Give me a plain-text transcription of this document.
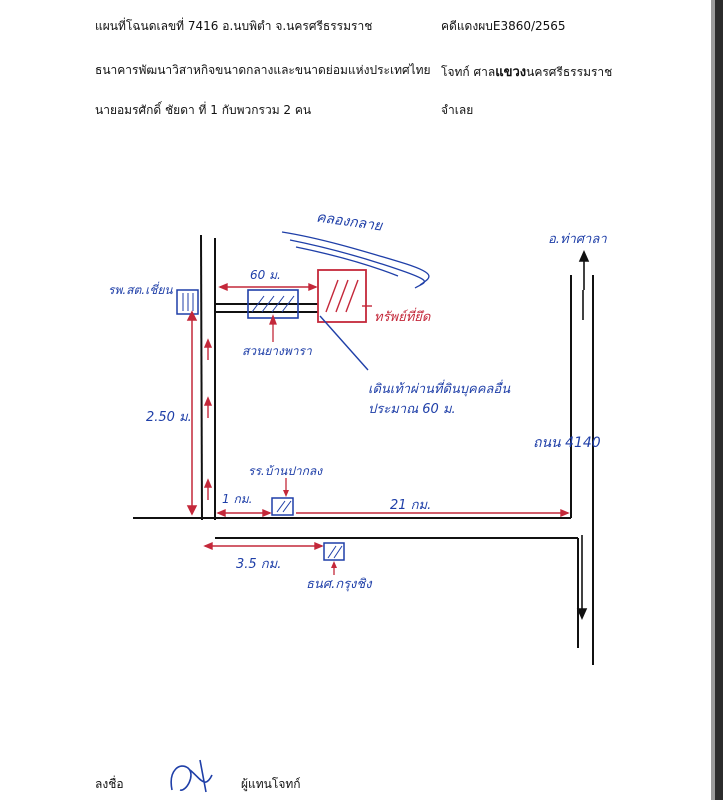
แผนที่โฉนดเลขที่ 7416 อ.นบพิตำ จ.นครศรีธรรมราช	คดีแดงผบE3860/2565
ธนาคารพัฒนาวิสาหกิจขนาดกลางและขนาดย่อมแห่งประเทศไทย โจทก์ ศาลแขวงนครศรีธรรมราช
นายอมรศักดิ์ ชัยดา ที่ 1 กับพวกรวม 2 คน	จำเลย
คลองกลาย
อ.ท่าศาลา
รพ.สต.เชี่ยน
60 ม.
สวนยางพารา
ทรัพย์ที่ยึด
เดินเท้าผ่านที่ดินบุคคลอื่น
ประมาณ 60 ม.
2.50 ม.
ถนน 4140
รร.บ้านปากลง
1 กม.	21 กม.
3.5 กม.
ธนศ.กรุงชิง
ลงชื่อ	ผู้แทนโจทก์
